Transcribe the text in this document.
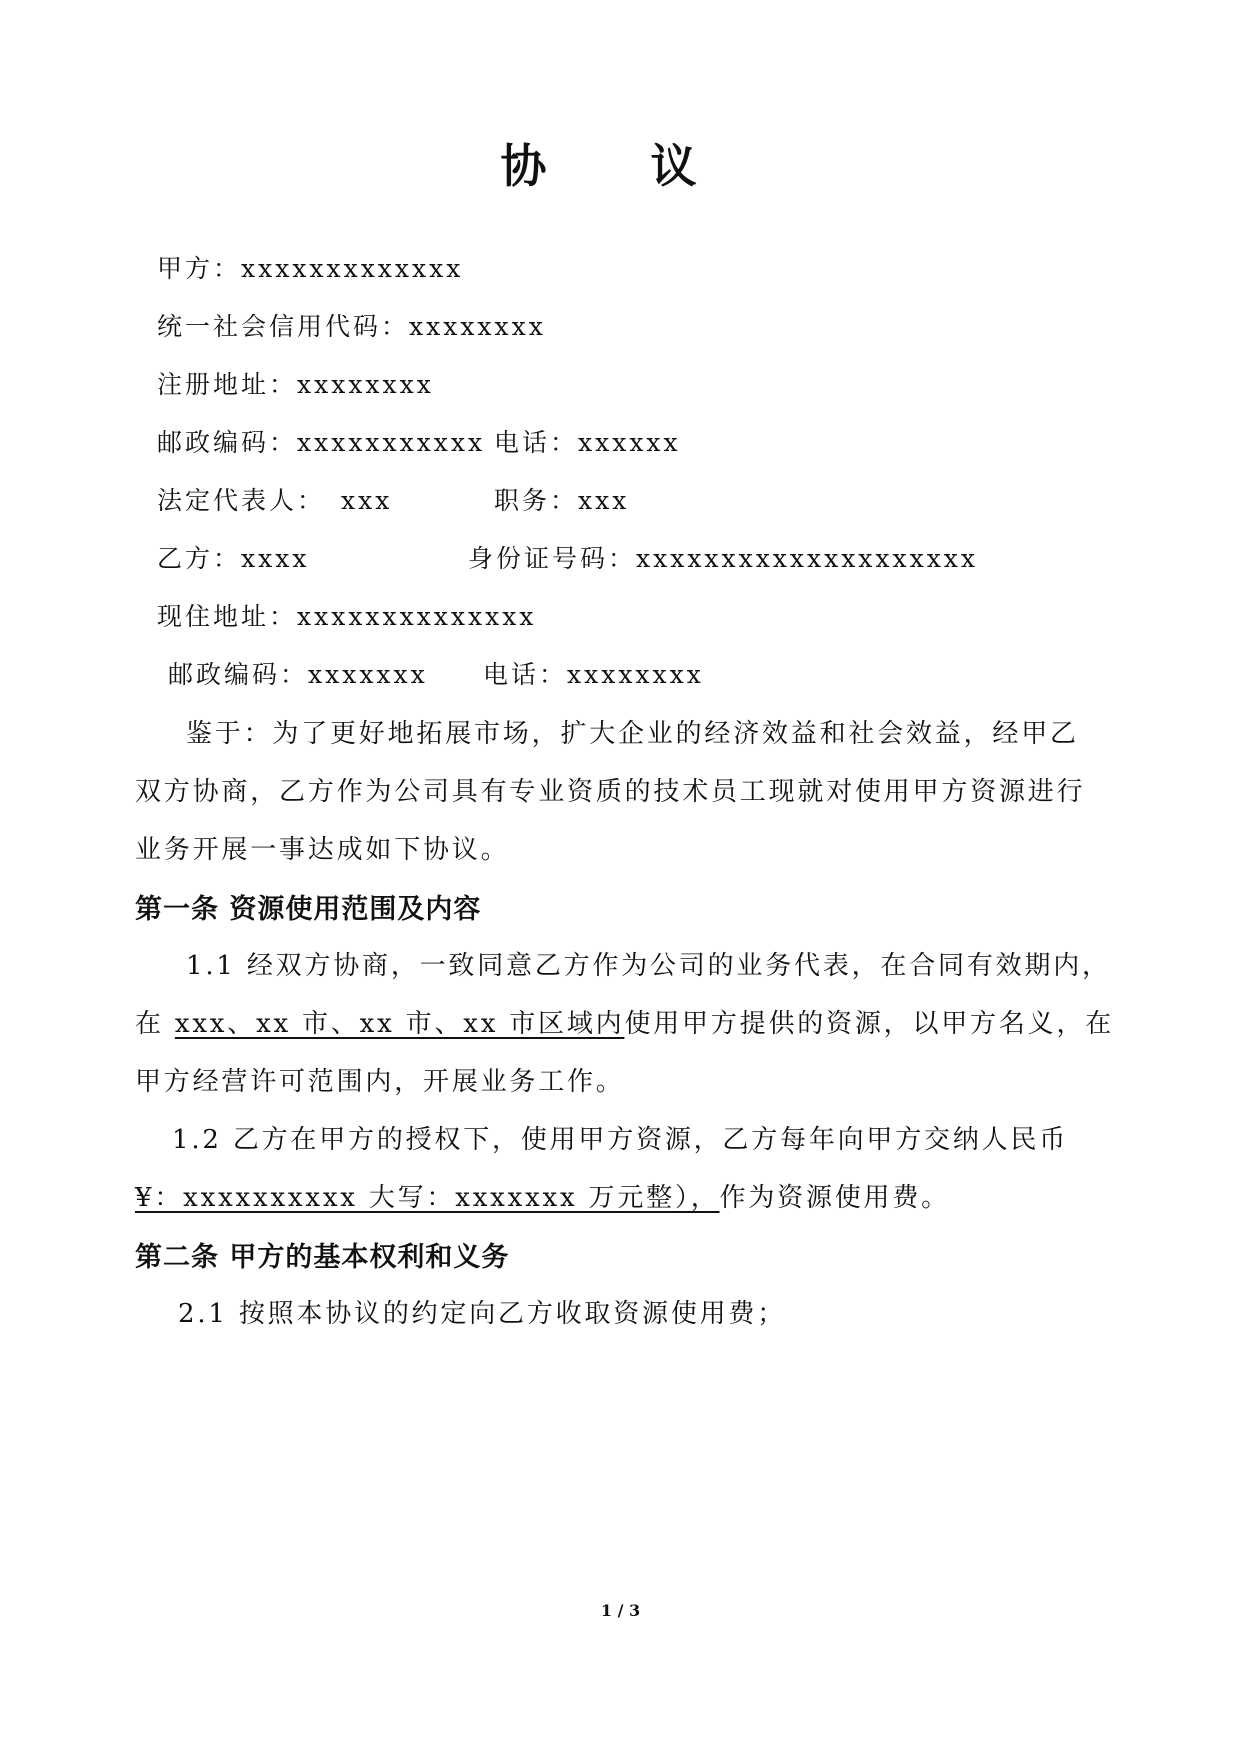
协 议
甲方：xxxxxxxxxxxxx
统一社会信用代码：xxxxxxxx
注册地址：xxxxxxxx
邮政编码：xxxxxxxxxxx 电话：xxxxxx
法定代表人： xxx	职务：xxx
乙方：xxxx	身份证号码：xxxxxxxxxxxxxxxxxxxx
现住地址：xxxxxxxxxxxxxx
邮政编码：xxxxxxx 电话：xxxxxxxx
鉴于：为了更好地拓展市场，扩大企业的经济效益和社会效益，经甲乙
双方协商，乙方作为公司具有专业资质的技术员工现就对使用甲方资源进行
业务开展一事达成如下协议。
第一条 资源使用范围及内容
1.1 经双方协商，一致同意乙方作为公司的业务代表，在合同有效期内，
在 xxx、xx 市、xx 市、xx 市区域内使用甲方提供的资源，以甲方名义，在
甲方经营许可范围内，开展业务工作。
1.2 乙方在甲方的授权下，使用甲方资源，乙方每年向甲方交纳人民币
¥：xxxxxxxxxx 大写：xxxxxxx 万元整），作为资源使用费。
第二条 甲方的基本权利和义务
2.1 按照本协议的约定向乙方收取资源使用费；
1 / 3
